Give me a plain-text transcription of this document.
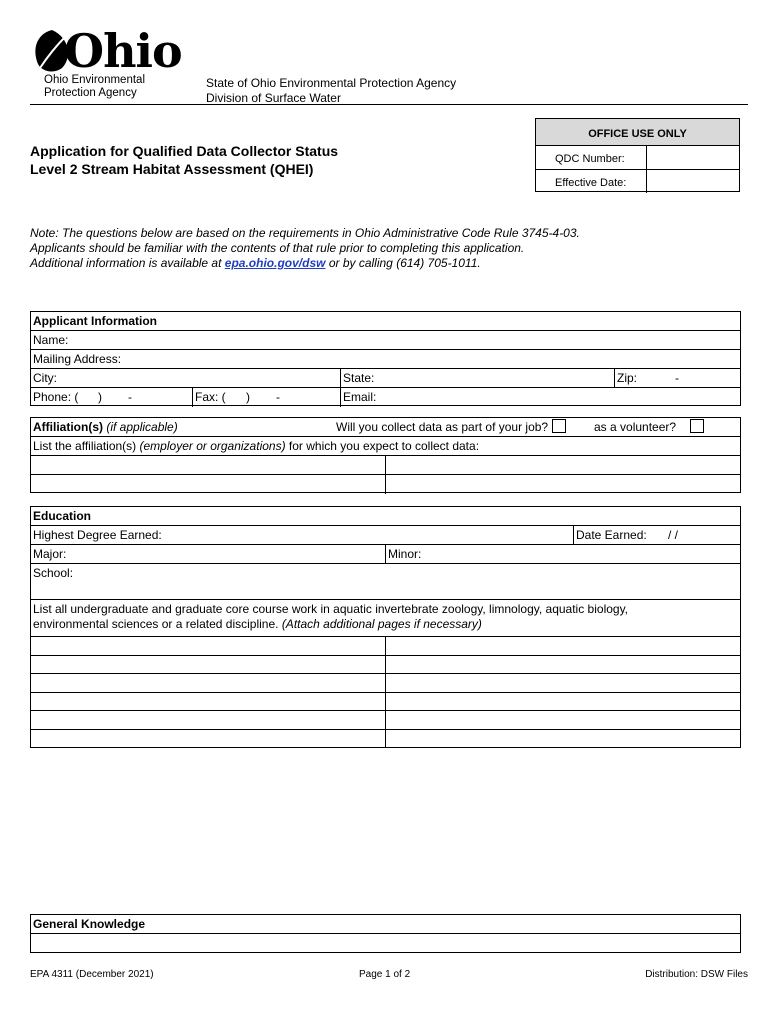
Ohio
Ohio Environmental
Protection Agency
State of Ohio Environmental Protection Agency
Division of Surface Water
Application for Qualified Data Collector Status
Level 2 Stream Habitat Assessment (QHEI)
OFFICE USE ONLY
QDC Number:
Effective Date:
Note: The questions below are based on the requirements in Ohio Administrative Code Rule 3745-4-03.
Applicants should be familiar with the contents of that rule prior to completing this application.
Additional information is available at epa.ohio.gov/dsw or by calling (614) 705-1011.
Applicant Information
Name:
Mailing Address:
City:	State:	Zip:	-
Phone: ( ) -	Fax: ( ) -	Email:
Affiliation(s) (if applicable)	Will you collect data as part of your job?	as a volunteer?
List the affiliation(s) (employer or organizations) for which you expect to collect data:
Education
Highest Degree Earned:	Date Earned: / /
Major:	Minor:
School:
List all undergraduate and graduate core course work in aquatic invertebrate zoology, limnology, aquatic biology,
environmental sciences or a related discipline. (Attach additional pages if necessary)
General Knowledge
EPA 4311 (December 2021)	Page 1 of 2	Distribution: DSW Files
